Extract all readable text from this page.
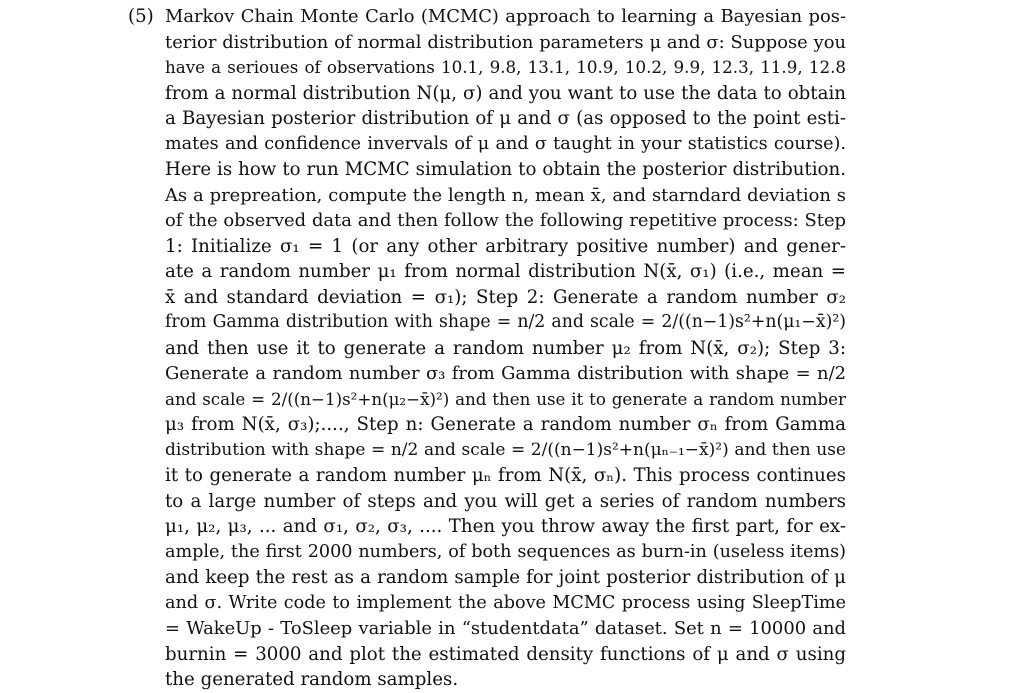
(5) Markov Chain Monte Carlo (MCMC) approach to learning a Bayesian pos-
terior distribution of normal distribution parameters μ and σ: Suppose you
have a serioues of observations 10.1, 9.8, 13.1, 10.9, 10.2, 9.9, 12.3, 11.9, 12.8
from a normal distribution N(μ, σ) and you want to use the data to obtain
a Bayesian posterior distribution of μ and σ (as opposed to the point esti-
mates and confidence invervals of μ and σ taught in your statistics course).
Here is how to run MCMC simulation to obtain the posterior distribution.
As a prepreation, compute the length n, mean x̄, and starndard deviation s
of the observed data and then follow the following repetitive process: Step
1: Initialize σ₁ = 1 (or any other arbitrary positive number) and gener-
ate a random number μ₁ from normal distribution N(x̄, σ₁) (i.e., mean =
x̄ and standard deviation = σ₁); Step 2: Generate a random number σ₂
from Gamma distribution with shape = n/2 and scale = 2/((n−1)s²+n(μ₁−x̄)²)
and then use it to generate a random number μ₂ from N(x̄, σ₂); Step 3:
Generate a random number σ₃ from Gamma distribution with shape = n/2
and scale = 2/((n−1)s²+n(μ₂−x̄)²) and then use it to generate a random number
μ₃ from N(x̄, σ₃);...., Step n: Generate a random number σₙ from Gamma
distribution with shape = n/2 and scale = 2/((n−1)s²+n(μₙ₋₁−x̄)²) and then use
it to generate a random number μₙ from N(x̄, σₙ). This process continues
to a large number of steps and you will get a series of random numbers
μ₁, μ₂, μ₃, ... and σ₁, σ₂, σ₃, .... Then you throw away the first part, for ex-
ample, the first 2000 numbers, of both sequences as burn-in (useless items)
and keep the rest as a random sample for joint posterior distribution of μ
and σ. Write code to implement the above MCMC process using SleepTime
= WakeUp - ToSleep variable in “studentdata” dataset. Set n = 10000 and
burnin = 3000 and plot the estimated density functions of μ and σ using
the generated random samples.
